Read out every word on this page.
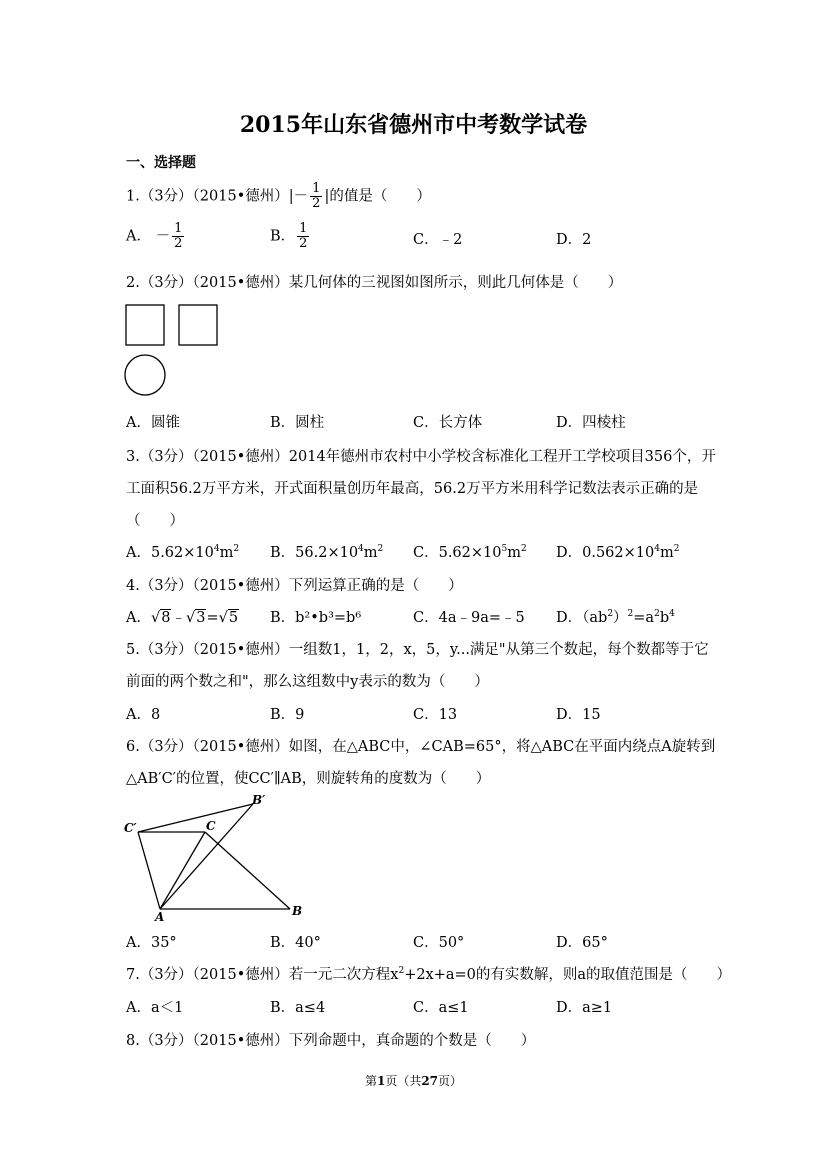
2015年山东省德州市中考数学试卷
一、选择题
1.（3分）（2015•德州）|－ $\frac{1}{2}$ |的值是（　　）
A． － $\frac{1}{2}$	B． $\frac{1}{2}$	C．﹣2	D．2
2.（3分）（2015•德州）某几何体的三视图如图所示，则此几何体是（　　）
A．圆锥	B．圆柱	C．长方体	D．四棱柱
3.（3分）（2015•德州）2014年德州市农村中小学校含标准化工程开工学校项目356个，开
工面积56.2万平方米，开式面积量创历年最高，56.2万平方米用科学记数法表示正确的是
（　　）
A．$5.62\times 10^4m^2$ B．$56.2\times 10^4m^2$ C．$5.62\times 10^5m^2$ D．$0.562\times 10^4m^2$
4.（3分）（2015•德州）下列运算正确的是（　　）
A．√8﹣√3=√5 B．b²•b³=b⁶	C．4a﹣9a=﹣5 D．$(ab^2)^2=a^2b^4$
5.（3分）（2015•德州）一组数1，1，2，x，5，y...满足"从第三个数起，每个数都等于它
前面的两个数之和"，那么这组数中y表示的数为（　　）
A．8	B．9	C．13	D．15
6.（3分）（2015•德州）如图，在△ABC中，∠CAB=65°，将△ABC在平面内绕点A旋转到
△AB′C′的位置，使CC′∥AB，则旋转角的度数为（　　）
C′	C
B′
A	B
A．35°	B．40°	C．50°	D．65°
7.（3分）（2015•德州）若一元二次方程$x^2+2x+a=0$的有实数解，则a的取值范围是（　　）
A．a＜1	B．a≤4	C．a≤1	D．a≥1
8.（3分）（2015•德州）下列命题中，真命题的个数是（　　）
第1页（共27页）
